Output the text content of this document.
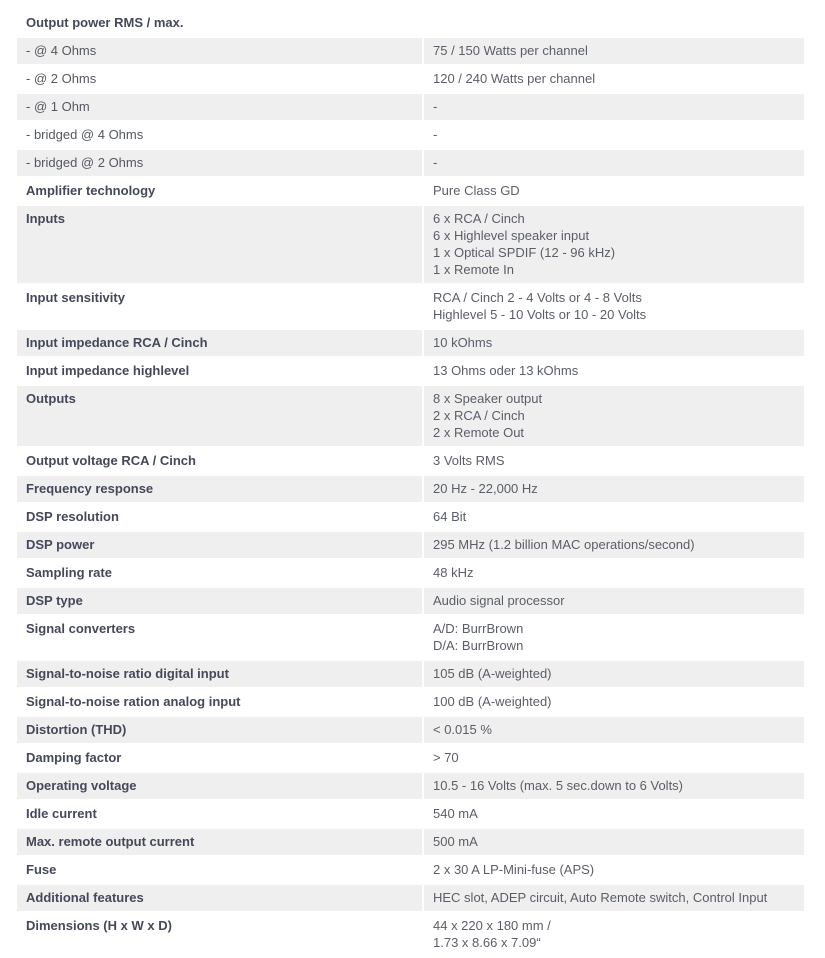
Output power RMS / max.	
- @ 4 Ohms	75 / 150 Watts per channel

- @ 2 Ohms	120 / 240 Watts per channel

- @ 1 Ohm	-

- bridged @ 4 Ohms	-

- bridged @ 2 Ohms	-

Amplifier technology	Pure Class GD

Inputs	6 x RCA / Cinch
6 x Highlevel speaker input
1 x Optical SPDIF (12 - 96 kHz)
1 x Remote In

Input sensitivity	RCA / Cinch 2 - 4 Volts or 4 - 8 Volts
Highlevel 5 - 10 Volts or 10 - 20 Volts

Input impedance RCA / Cinch	10 kOhms

Input impedance highlevel	13 Ohms oder 13 kOhms

Outputs	8 x Speaker output
2 x RCA / Cinch
2 x Remote Out

Output voltage RCA / Cinch	3 Volts RMS

Frequency response	20 Hz - 22,000 Hz

DSP resolution	64 Bit

DSP power	295 MHz (1.2 billion MAC operations/second)

Sampling rate	48 kHz

DSP type	Audio signal processor

Signal converters	A/D: BurrBrown
D/A: BurrBrown

Signal-to-noise ratio digital input	105 dB (A-weighted)

Signal-to-noise ration analog input	100 dB (A-weighted)

Distortion (THD)	< 0.015 %

Damping factor	> 70

Operating voltage	10.5 - 16 Volts (max. 5 sec.down to 6 Volts)

Idle current	540 mA

Max. remote output current	500 mA

Fuse	2 x 30 A LP-Mini-fuse (APS)

Additional features	HEC slot, ADEP circuit, Auto Remote switch, Control Input

Dimensions (H x W x D)	44 x 220 x 180 mm /
1.73 x 8.66 x 7.09“
